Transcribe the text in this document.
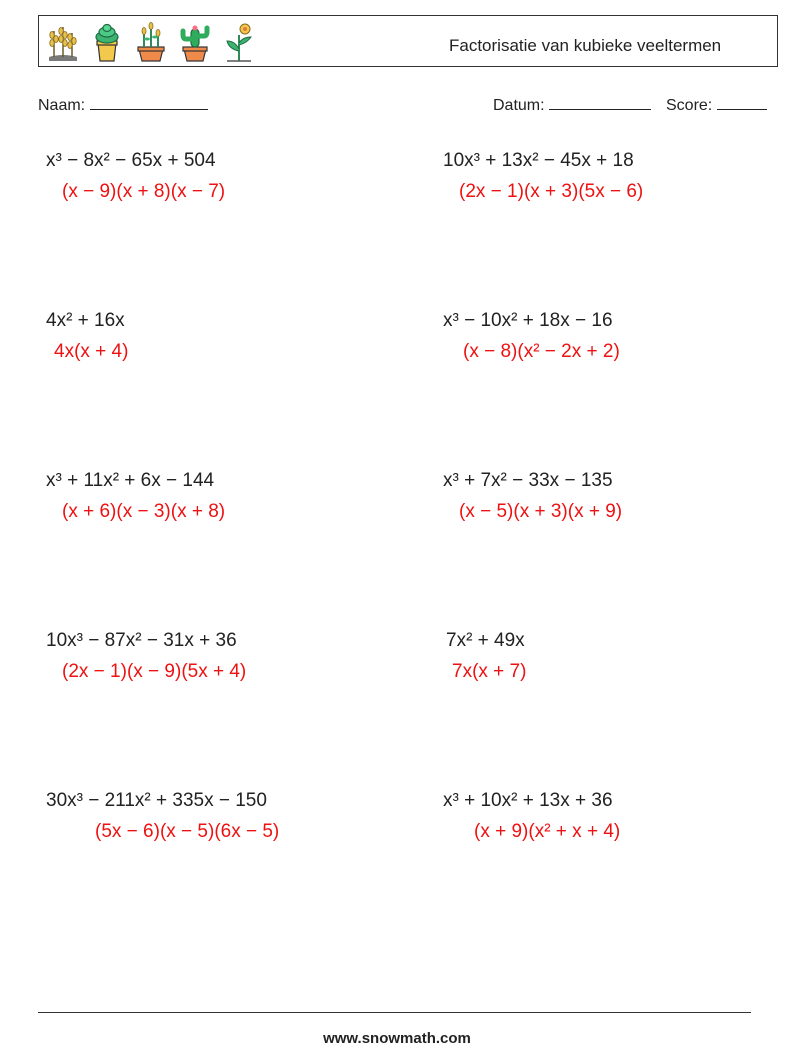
Factorisatie van kubieke veeltermen
Naam:	Datum:	Score:
x³ − 8x² − 65x + 504
(x − 9)(x + 8)(x − 7)
10x³ + 13x² − 45x + 18
(2x − 1)(x + 3)(5x − 6)
4x² + 16x
4x(x + 4)
x³ − 10x² + 18x − 16
(x − 8)(x² − 2x + 2)
x³ + 11x² + 6x − 144
(x + 6)(x − 3)(x + 8)
x³ + 7x² − 33x − 135
(x − 5)(x + 3)(x + 9)
10x³ − 87x² − 31x + 36
(2x − 1)(x − 9)(5x + 4)
7x² + 49x
7x(x + 7)
30x³ − 211x² + 335x − 150
(5x − 6)(x − 5)(6x − 5)
x³ + 10x² + 13x + 36
(x + 9)(x² + x + 4)
www.snowmath.com
